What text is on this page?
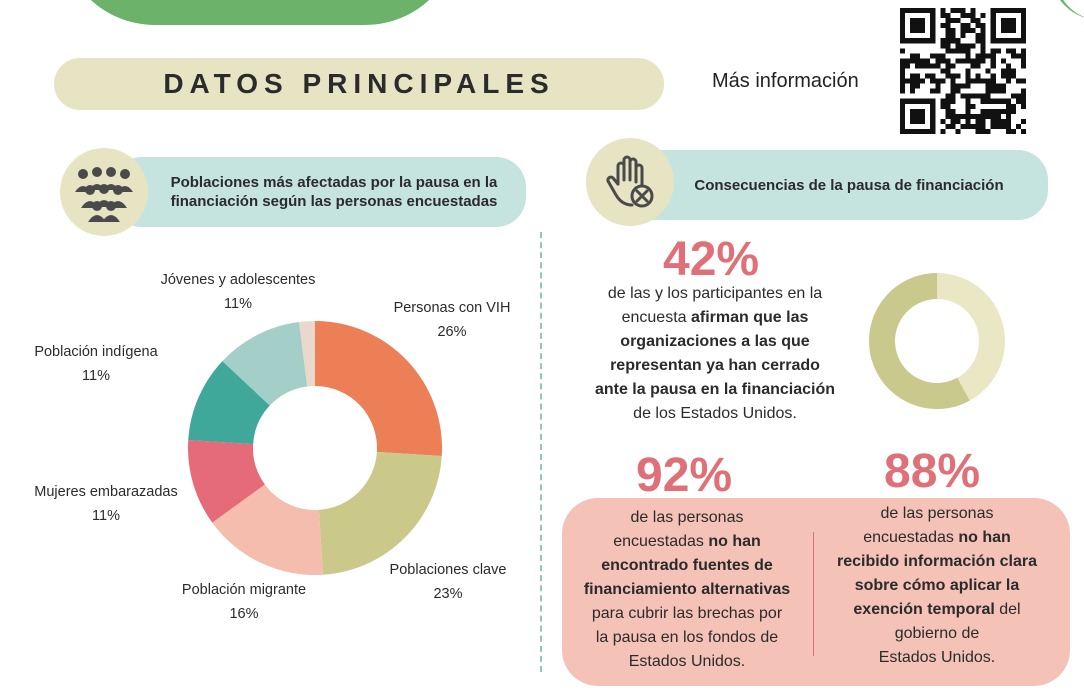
DATOS PRINCIPALES	Más información
Poblaciones más afectadas por la pausa en la financiación según las personas encuestadas
Consecuencias de la pausa de financiación
Personas con VIH
26%
Poblaciones clave
23%
Población migrante
16%
Mujeres embarazadas
11%
Población indígena
11%
Jóvenes y adolescentes
11%
42%
de las y los participantes en la
encuesta afirman que las
organizaciones a las que
representan ya han cerrado
ante la pausa en la financiación
de los Estados Unidos.
92%
de las personas
encuestadas no han
encontrado fuentes de
financiamiento alternativas
para cubrir las brechas por
la pausa en los fondos de
Estados Unidos.
88%
de las personas
encuestadas no han
recibido información clara
sobre cómo aplicar la
exención temporal del
gobierno de
Estados Unidos.
